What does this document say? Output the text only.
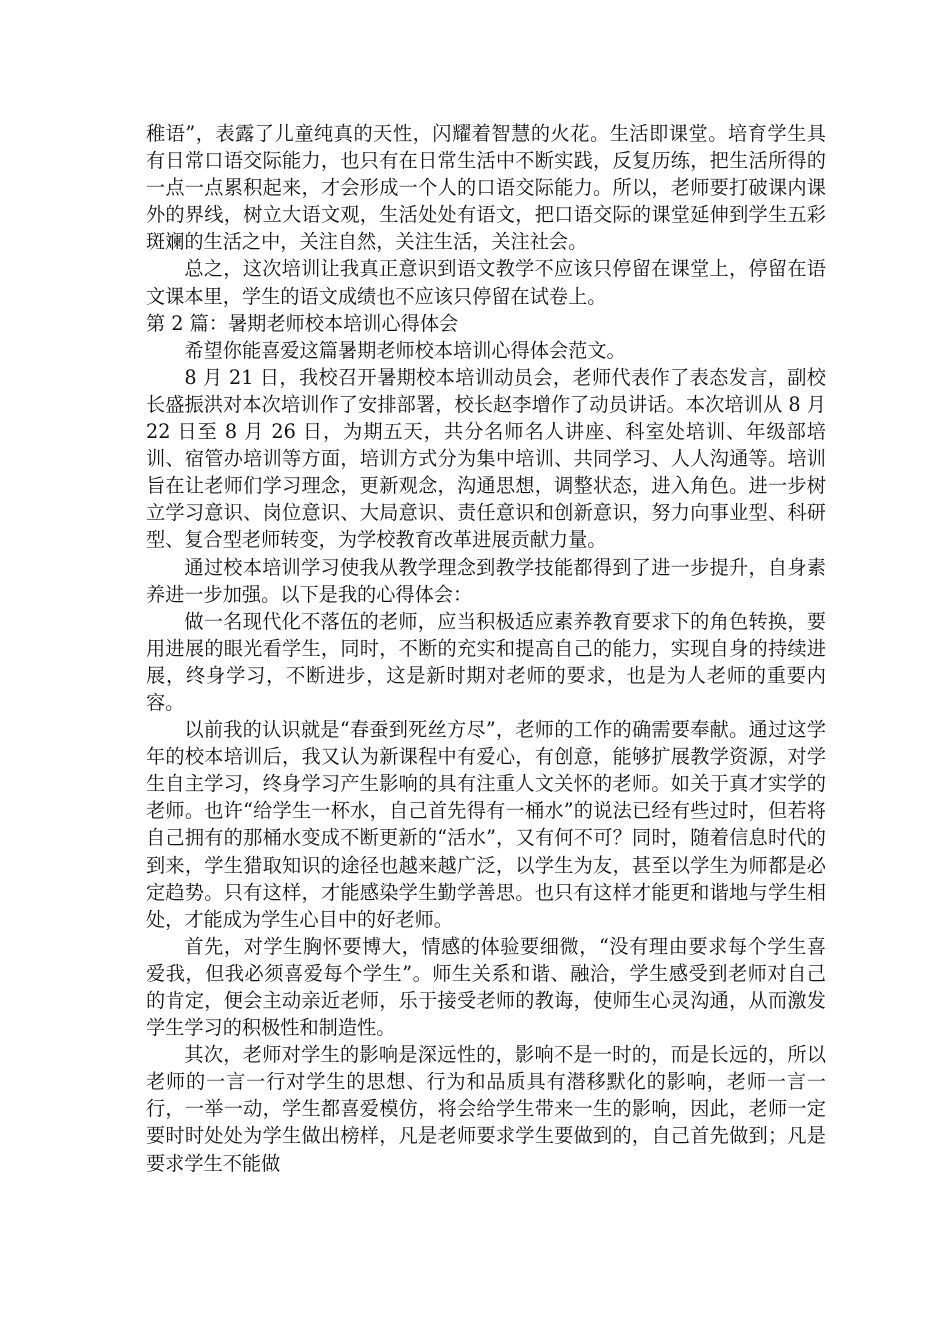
稚语”，表露了儿童纯真的天性，闪耀着智慧的火花。生活即课堂。培育学生具有日常口语交际能力，也只有在日常生活中不断实践，反复历练，把生活所得的一点一点累积起来，才会形成一个人的口语交际能力。所以，老师要打破课内课外的界线，树立大语文观，生活处处有语文，把口语交际的课堂延伸到学生五彩斑斓的生活之中，关注自然，关注生活，关注社会。

总之，这次培训让我真正意识到语文教学不应该只停留在课堂上，停留在语文课本里，学生的语文成绩也不应该只停留在试卷上。

第 2 篇：暑期老师校本培训心得体会

希望你能喜爱这篇暑期老师校本培训心得体会范文。

8 月 21 日，我校召开暑期校本培训动员会，老师代表作了表态发言，副校长盛振洪对本次培训作了安排部署，校长赵李增作了动员讲话。本次培训从 8 月 22 日至 8 月 26 日，为期五天，共分名师名人讲座、科室处培训、年级部培训、宿管办培训等方面，培训方式分为集中培训、共同学习、人人沟通等。培训旨在让老师们学习理念，更新观念，沟通思想，调整状态，进入角色。进一步树立学习意识、岗位意识、大局意识、责任意识和创新意识，努力向事业型、科研型、复合型老师转变，为学校教育改革进展贡献力量。

通过校本培训学习使我从教学理念到教学技能都得到了进一步提升，自身素养进一步加强。以下是我的心得体会：

做一名现代化不落伍的老师，应当积极适应素养教育要求下的角色转换，要用进展的眼光看学生，同时，不断的充实和提高自己的能力，实现自身的持续进展，终身学习，不断进步，这是新时期对老师的要求，也是为人老师的重要内容。

以前我的认识就是“春蚕到死丝方尽”，老师的工作的确需要奉献。通过这学年的校本培训后，我又认为新课程中有爱心，有创意，能够扩展教学资源，对学生自主学习，终身学习产生影响的具有注重人文关怀的老师。如关于真才实学的老师。也许“给学生一杯水，自己首先得有一桶水”的说法已经有些过时，但若将自己拥有的那桶水变成不断更新的“活水”，又有何不可？同时，随着信息时代的到来，学生猎取知识的途径也越来越广泛，以学生为友，甚至以学生为师都是必定趋势。只有这样，才能感染学生勤学善思。也只有这样才能更和谐地与学生相处，才能成为学生心目中的好老师。

首先，对学生胸怀要博大，情感的体验要细微，“没有理由要求每个学生喜爱我，但我必须喜爱每个学生”。师生关系和谐、融洽，学生感受到老师对自己的肯定，便会主动亲近老师，乐于接受老师的教诲，使师生心灵沟通，从而激发学生学习的积极性和制造性。

其次，老师对学生的影响是深远性的，影响不是一时的，而是长远的，所以老师的一言一行对学生的思想、行为和品质具有潜移默化的影响，老师一言一行，一举一动，学生都喜爱模仿，将会给学生带来一生的影响，因此，老师一定要时时处处为学生做出榜样，凡是老师要求学生要做到的，自己首先做到；凡是要求学生不能做
